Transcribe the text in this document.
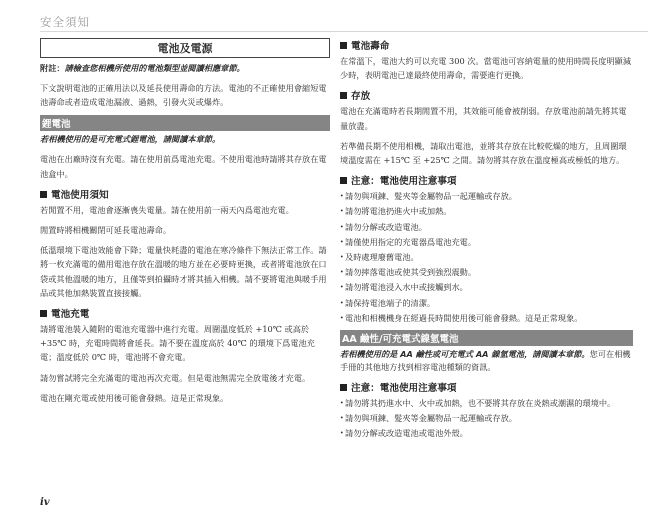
安全須知
電池及電源
附註：請檢查您相機所使用的電池類型並閱讀相應章節。

下文說明電池的正確用法以及延長使用壽命的方法。電池的不正確使用會縮短電池壽命或者造成電池漏液、過熱，引發火災或爆炸。

鋰電池
若相機使用的是可充電式鋰電池，請閱讀本章節。

電池在出廠時沒有充電。請在使用前爲電池充電。不使用電池時請將其存放在電池盒中。

電池使用須知

若閒置不用，電池會逐漸喪失電量。請在使用前一兩天內爲電池充電。

閒置時將相機關閉可延長電池壽命。

低溫環境下電池效能會下降；電量快耗盡的電池在寒冷條件下無法正常工作。請將一枚充滿電的備用電池存放在溫暖的地方並在必要時更換，或者將電池放在口袋或其他溫暖的地方，且僅等到拍攝時才將其插入相機。請不要將電池與暖手用品或其他加熱裝置直接接觸。

電池充電

請將電池裝入隨附的電池充電器中進行充電。周圍溫度低於 +10℃ 或高於 +35℃ 時，充電時間將會延長。請不要在溫度高於 40℃ 的環境下爲電池充電；溫度低於 0℃ 時，電池將不會充電。

請勿嘗試將完全充滿電的電池再次充電。但是電池無需完全放電後才充電。

電池在剛充電或使用後可能會發熱。這是正常現象。

電池壽命

在常溫下，電池大約可以充電 300 次。當電池可容納電量的使用時間長度明顯減少時，表明電池已達最終使用壽命，需要進行更換。

存放

電池在充滿電時若長期閒置不用，其效能可能會被削弱。存放電池前請先將其電量放盡。

若準備長期不使用相機，請取出電池，並將其存放在比較乾燥的地方，且周圍環境溫度需在 +15℃ 至 +25℃ 之間。請勿將其存放在溫度極高或極低的地方。

注意：電池使用注意事項
• 請勿與項鍊、髮夾等金屬物品一起運輸或存放。
• 請勿將電池扔進火中或加熱。
• 請勿分解或改造電池。
• 請僅使用指定的充電器爲電池充電。
• 及時處理廢舊電池。
• 請勿摔落電池或使其受到強烈震動。
• 請勿將電池浸入水中或接觸到水。
• 請保持電池端子的清潔。
• 電池和相機機身在經過長時間使用後可能會發熱。這是正常現象。
AA 鹼性/可充電式鎳氫電池
若相機使用的是 AA 鹼性或可充電式 AA 鎳氫電池，請閱讀本章節。您可在相機手冊的其他地方找到相容電池種類的資訊。
注意：電池使用注意事項
• 請勿將其扔進水中、火中或加熱，也不要將其存放在炎熱或潮濕的環境中。
• 請勿與項鍊、髮夾等金屬物品一起運輸或存放。
• 請勿分解或改造電池或電池外殼。
iv
